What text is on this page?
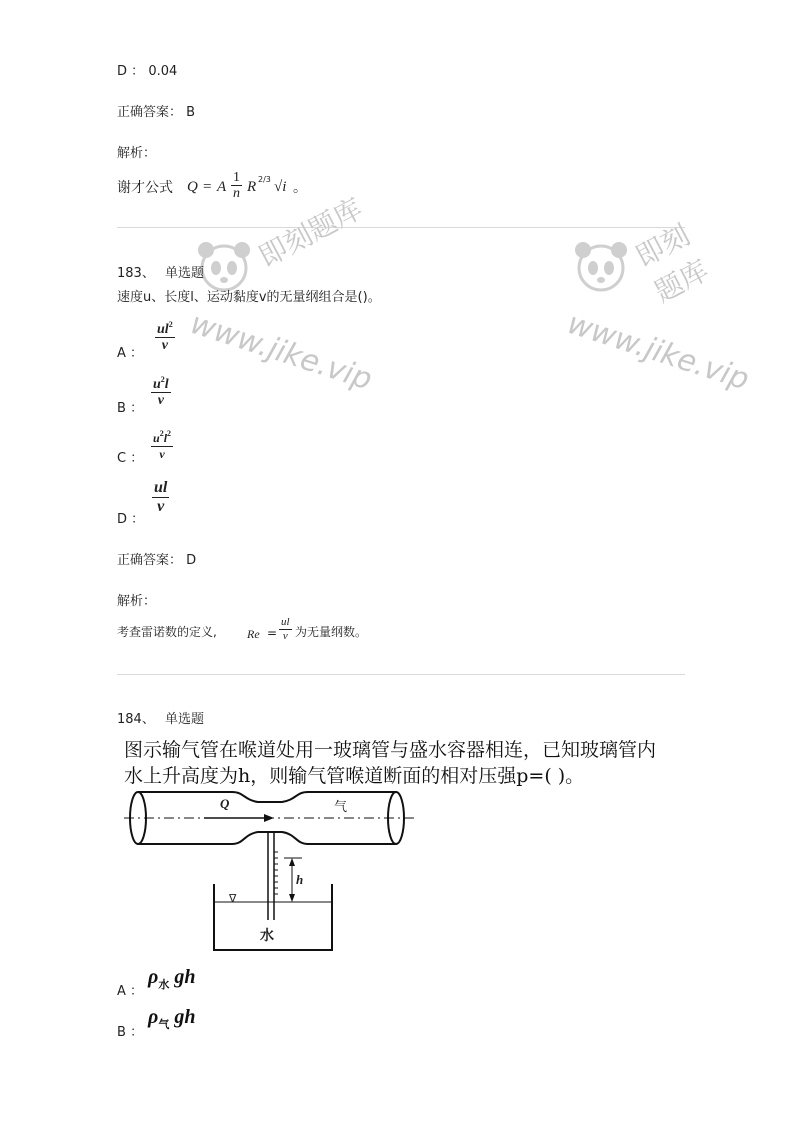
D ： 0.04
正确答案： B
解析：
谢才公式 Q = A $\frac{1}{n}$ R 2/3 √i 。
即刻题库
www.jike.vip
即刻题库
www.jike.vip
183、 单选题
速度u、长度l、运动黏度v的无量纲组合是()。
A ：
$\frac{ul^2}{v}$
B ：
$\frac{u^2l}{v}$
C ： $\frac{u^2l^2}{v}$
D ：
$\frac{ul}{v}$
正确答案： D
解析：
考查雷诺数的定义,	$Re = \frac{ul}{v}$ 为无量纲数。
184、 单选题
图示输气管在喉道处用一玻璃管与盛水容器相连，已知玻璃管内
水上升高度为h，则输气管喉道断面的相对压强p=( )。
Q	气
h
∇
水
A ：
$\rho_水$ gh
B ：
$\rho_气$ gh
